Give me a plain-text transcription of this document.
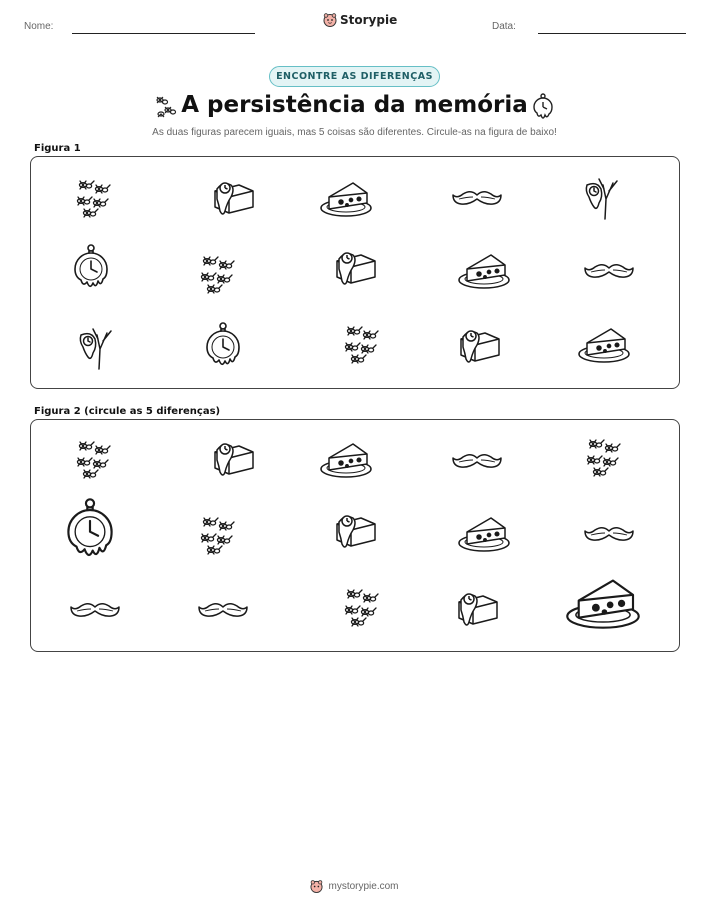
Nome:	Storypie	Data:
ENCONTRE AS DIFERENÇAS
A persistência da memória
As duas figuras parecem iguais, mas 5 coisas são diferentes. Circule-as na figura de baixo!
Figura 1
Figura 2 (circule as 5 diferenças)
mystorypie.com
